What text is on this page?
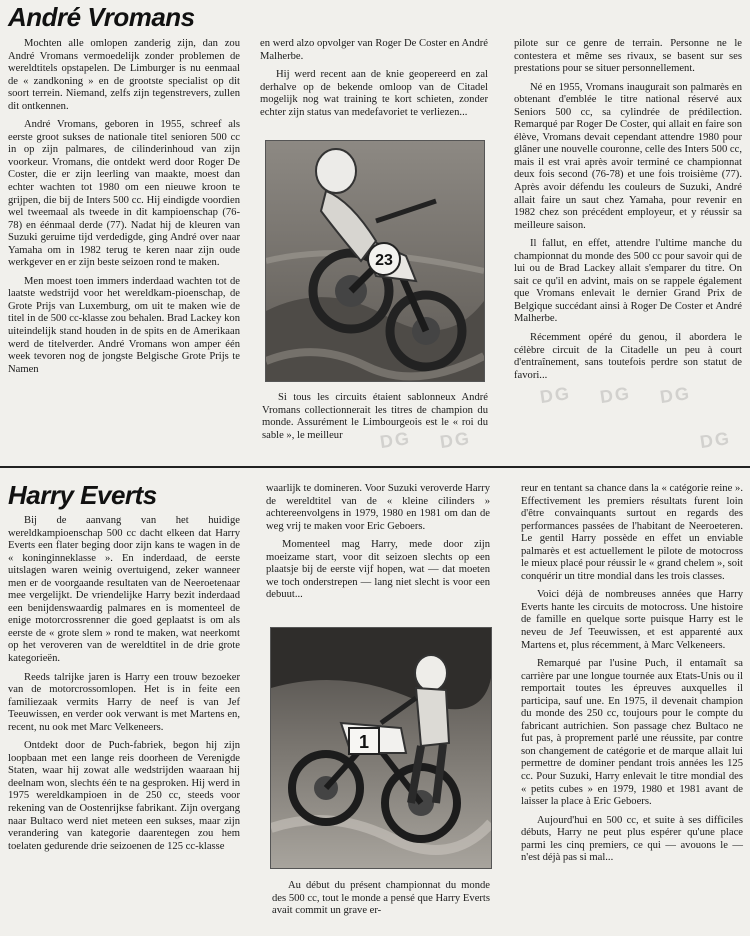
André Vromans

Mochten alle omlopen zanderig zijn, dan zou André Vromans vermoedelijk zonder problemen de wereldtitels opstapelen. De Limburger is nu eenmaal de « zandkoning » en de grootste specialist op dit soort terrein. Niemand, zelfs zijn tegenstrevers, zullen dit ontkennen.

André Vromans, geboren in 1955, schreef als eerste groot sukses de nationale titel senioren 500 cc in op zijn palmares, de cilinderinhoud van zijn voorkeur. Vromans, die ontdekt werd door Roger De Coster, die er zijn leerling van maakte, moest dan echter wachten tot 1980 om een nieuwe kroon te grijpen, die bij de Inters 500 cc. Hij eindigde voordien wel tweemaal als tweede in dit kampioenschap (76-78) en éénmaal derde (77). Nadat hij de kleuren van Suzuki geruime tijd verdedigde, ging André over naar Yamaha om in 1982 terug te keren naar zijn oude werkgever en er zijn beste seizoen rond te maken.

Men moest toen immers inderdaad wachten tot de laatste wedstrijd voor het wereldkam-pioenschap, de Grote Prijs van Luxemburg, om uit te maken wie de titel in de 500 cc-klasse zou behalen. Brad Lackey kon uiteindelijk stand houden in de spits en de Amerikaan werd de titelverder. André Vromans won amper één week tevoren nog de jongste Belgische Grote Prijs te Namen

en werd alzo opvolger van Roger De Coster en André Malherbe.

Hij werd recent aan de knie geopereerd en zal derhalve op de bekende omloop van de Citadel mogelijk nog wat training te kort schieten, zonder echter zijn status van medefavoriet te verliezen...

23

Si tous les circuits étaient sablonneux André Vromans collectionnerait les titres de champion du monde. Assurément le Limbourgeois est le « roi du sable », le meilleur

pilote sur ce genre de terrain. Personne ne le contestera et même ses rivaux, se basent sur ses prestations pour se situer personnellement.

Né en 1955, Vromans inaugurait son palmarès en obtenant d'emblée le titre national réservé aux Seniors 500 cc, sa cylindrée de prédilection. Remarqué par Roger De Coster, qui allait en faire son élève, Vromans devait cependant attendre 1980 pour glâner une nouvelle couronne, celle des Inters 500 cc, mais il est vrai après avoir terminé ce championnat deux fois second (76-78) et une fois troisième (77). Après avoir défendu les couleurs de Suzuki, André allait faire un saut chez Yamaha, pour revenir en 1982 chez son précédent employeur, et y réussir sa meilleure saison.

Il fallut, en effet, attendre l'ultime manche du championnat du monde des 500 cc pour savoir qui de lui ou de Brad Lackey allait s'emparer du titre. On sait ce qu'il en advint, mais on se rappele également que Vromans enlevait le dernier Grand Prix de Belgique succédant ainsi à Roger De Coster et André Malherbe.

Récemment opéré du genou, il abordera le célèbre circuit de la Citadelle un peu à court d'entraînement, sans toutefois perdre son statut de favori...

DG DG DG
DG DG	DG
Harry Everts

Bij de aanvang van het huidige wereldkampioenschap 500 cc dacht elkeen dat Harry Everts een flater beging door zijn kans te wagen in de « koninginneklasse ». En inderdaad, de eerste uitslagen waren weinig overtuigend, zeker wanneer men er de voorgaande resultaten van de Neeroetenaar mee vergelijkt. De vriendelijke Harry bezit inderdaad een benijdenswaardig palmares en is momenteel de enige motorcrossrenner die goed geplaatst is om als eerste de « grote slem » rond te maken, wat neerkomt op het veroveren van de wereldtitel in de drie grote kategorieën.

Reeds talrijke jaren is Harry een trouw bezoeker van de motorcrossomlopen. Het is in feite een familiezaak vermits Harry de neef is van Jef Teeuwissen, en verder ook verwant is met Martens en, recent, nu ook met Marc Velkeneers.

Ontdekt door de Puch-fabriek, begon hij zijn loopbaan met een lange reis doorheen de Verenigde Staten, waar hij zowat alle wedstrijden waaraan hij deelnam won, slechts één te na gesproken. Hij werd in 1975 wereldkampioen in de 250 cc, steeds voor rekening van de Oostenrijkse fabrikant. Zijn overgang naar Bultaco werd niet meteen een sukses, maar zijn verandering van kategorie daarentegen zou hem toelaten gedurende drie seizoenen de 125 cc-klasse

waarlijk te domineren. Voor Suzuki veroverde Harry de wereldtitel van de « kleine cilinders » achtereenvolgens in 1979, 1980 en 1981 om dan de weg vrij te maken voor Eric Geboers.

Momenteel mag Harry, mede door zijn moeizame start, voor dit seizoen slechts op een plaatsje bij de eerste vijf hopen, wat — dat moeten we toch onderstrepen — lang niet slecht is voor een debuut...

1

Au début du présent championnat du monde des 500 cc, tout le monde a pensé que Harry Everts avait commit un grave er-

reur en tentant sa chance dans la « catégorie reine ». Effectivement les premiers résultats furent loin d'être convainquants surtout en regards des performances passées de l'habitant de Neeroeteren. Le gentil Harry possède en effet un enviable palmarès et est actuellement le pilote de motocross le mieux placé pour réussir le « grand chelem », soit conquérir un titre mondial dans les trois classes.

Voici déjà de nombreuses années que Harry Everts hante les circuits de motocross. Une histoire de famille en quelque sorte puisque Harry est le neveu de Jef Teeuwissen, et est apparenté aux Martens et, plus récemment, à Marc Velkeneers.

Remarqué par l'usine Puch, il entamaît sa carrière par une longue tournée aux Etats-Unis ou il remportait toutes les épreuves auxquelles il participa, sauf une. En 1975, il devenait champion du monde des 250 cc, toujours pour le compte du fabricant autrichien. Son passage chez Bultaco ne fut pas, à proprement parlé une réussite, par contre son changement de catégorie et de marque allait lui permettre de dominer pendant trois années les 125 cc. Pour Suzuki, Harry enlevait le titre mondial des « petits cubes » en 1979, 1980 et 1981 avant de laisser la place à Eric Geboers.

Aujourd'hui en 500 cc, et suite à ses difficiles débuts, Harry ne peut plus espérer qu'une place parmi les cinq premiers, ce qui — avouons le — n'est déjà pas si mal...
